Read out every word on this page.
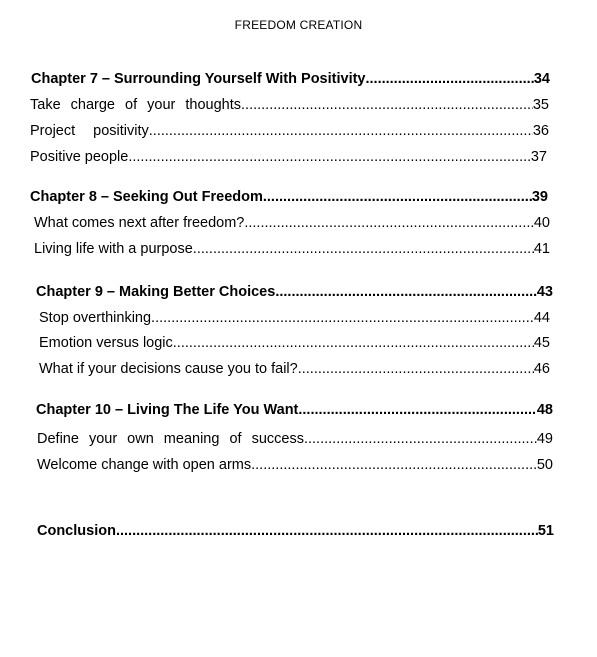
FREEDOM CREATION
Chapter 7 – Surrounding Yourself With Positivity .....	34
Take charge of your thoughts .....	35
Project positivity .....	36
Positive people .....	37
Chapter 8 – Seeking Out Freedom .....	39
What comes next after freedom? .....	40
Living life with a purpose .....	41
Chapter 9 – Making Better Choices .....	43
Stop overthinking .....	44
Emotion versus logic .....	45
What if your decisions cause you to fail? .....	46
Chapter 10 – Living The Life You Want .....	48
Define your own meaning of success .....	49
Welcome change with open arms .....	50
Conclusion .....	51
